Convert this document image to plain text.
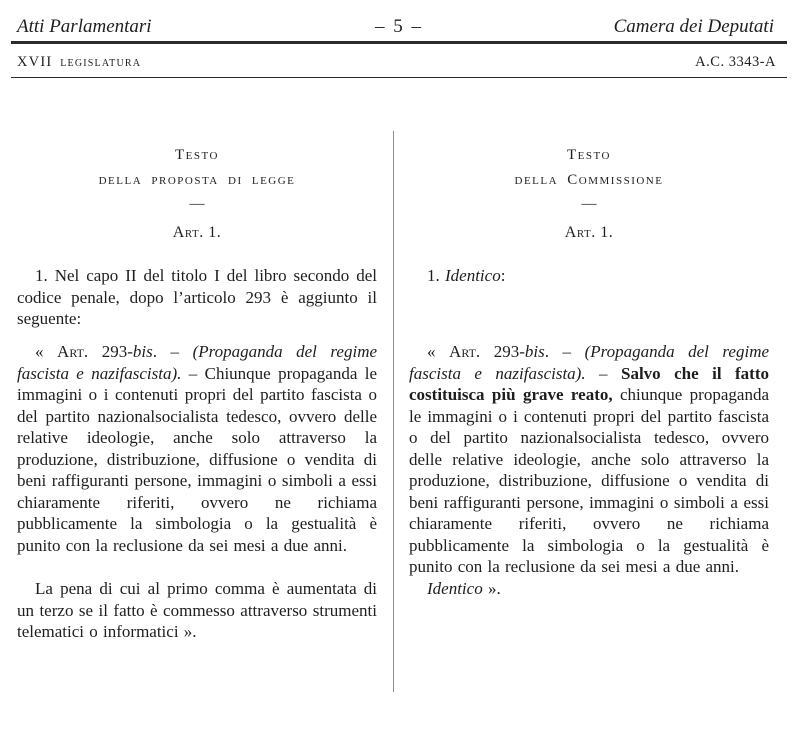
Atti Parlamentari	– 5 –	Camera dei Deputati
XVII legislatura	A.C. 3343-A
Testo
della proposta di legge
—
Art. 1.

1. Nel capo II del titolo I del libro secondo del codice penale, dopo l’articolo 293 è aggiunto il seguente:

« Art. 293-bis. – (Propaganda del regime fascista e nazifascista). – Chiunque propaganda le immagini o i contenuti propri del partito fascista o del partito nazionalsocialista tedesco, ovvero delle relative ideologie, anche solo attraverso la produzione, distribuzione, diffusione o vendita di beni raffiguranti persone, immagini o simboli a essi chiaramente riferiti, ovvero ne richiama pubblicamente la simbologia o la gestualità è punito con la reclusione da sei mesi a due anni.

La pena di cui al primo comma è aumentata di un terzo se il fatto è commesso attraverso strumenti telematici o informatici ».

Testo
della Commissione
—
Art. 1.

1. Identico:

« Art. 293-bis. – (Propaganda del regime fascista e nazifascista). – Salvo che il fatto costituisca più grave reato, chiunque propaganda le immagini o i contenuti propri del partito fascista o del partito nazionalsocialista tedesco, ovvero delle relative ideologie, anche solo attraverso la produzione, distribuzione, diffusione o vendita di beni raffiguranti persone, immagini o simboli a essi chiaramente riferiti, ovvero ne richiama pubblicamente la simbologia o la gestualità è punito con la reclusione da sei mesi a due anni.

Identico ».
